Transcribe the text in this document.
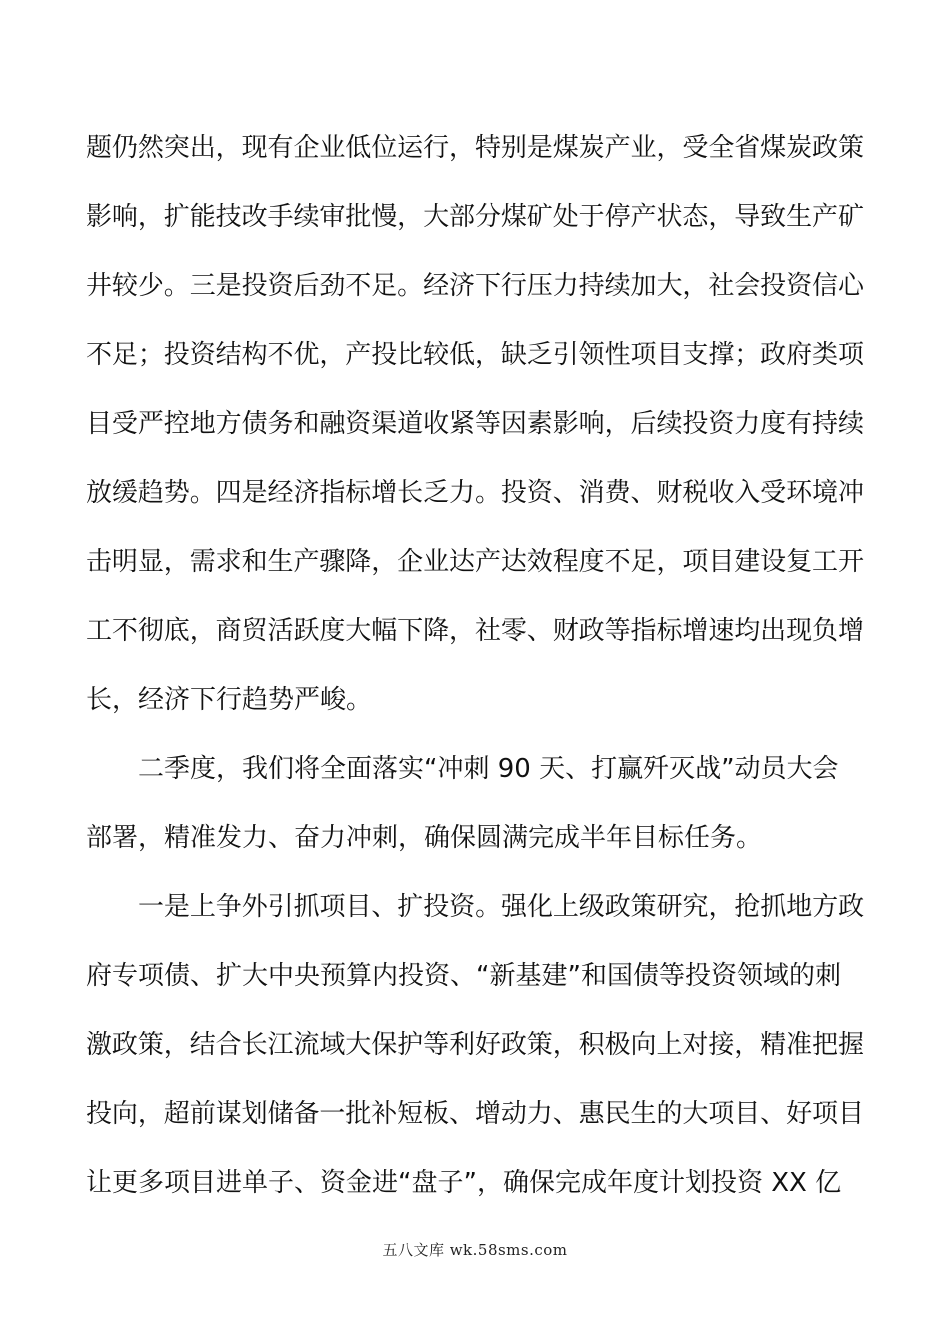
题仍然突出，现有企业低位运行，特别是煤炭产业，受全省煤炭政策
影响，扩能技改手续审批慢，大部分煤矿处于停产状态，导致生产矿
井较少。三是投资后劲不足。经济下行压力持续加大，社会投资信心
不足；投资结构不优，产投比较低，缺乏引领性项目支撑；政府类项
目受严控地方债务和融资渠道收紧等因素影响，后续投资力度有持续
放缓趋势。四是经济指标增长乏力。投资、消费、财税收入受环境冲
击明显，需求和生产骤降，企业达产达效程度不足，项目建设复工开
工不彻底，商贸活跃度大幅下降，社零、财政等指标增速均出现负增
长，经济下行趋势严峻。
二季度，我们将全面落实“冲刺 90 天、打赢歼灭战”动员大会
部署，精准发力、奋力冲刺，确保圆满完成半年目标任务。
一是上争外引抓项目、扩投资。强化上级政策研究，抢抓地方政
府专项债、扩大中央预算内投资、“新基建”和国债等投资领域的刺
激政策，结合长江流域大保护等利好政策，积极向上对接，精准把握
投向，超前谋划储备一批补短板、增动力、惠民生的大项目、好项目
让更多项目进单子、资金进“盘子”，确保完成年度计划投资 XX 亿
五八文库 wk.58sms.com
